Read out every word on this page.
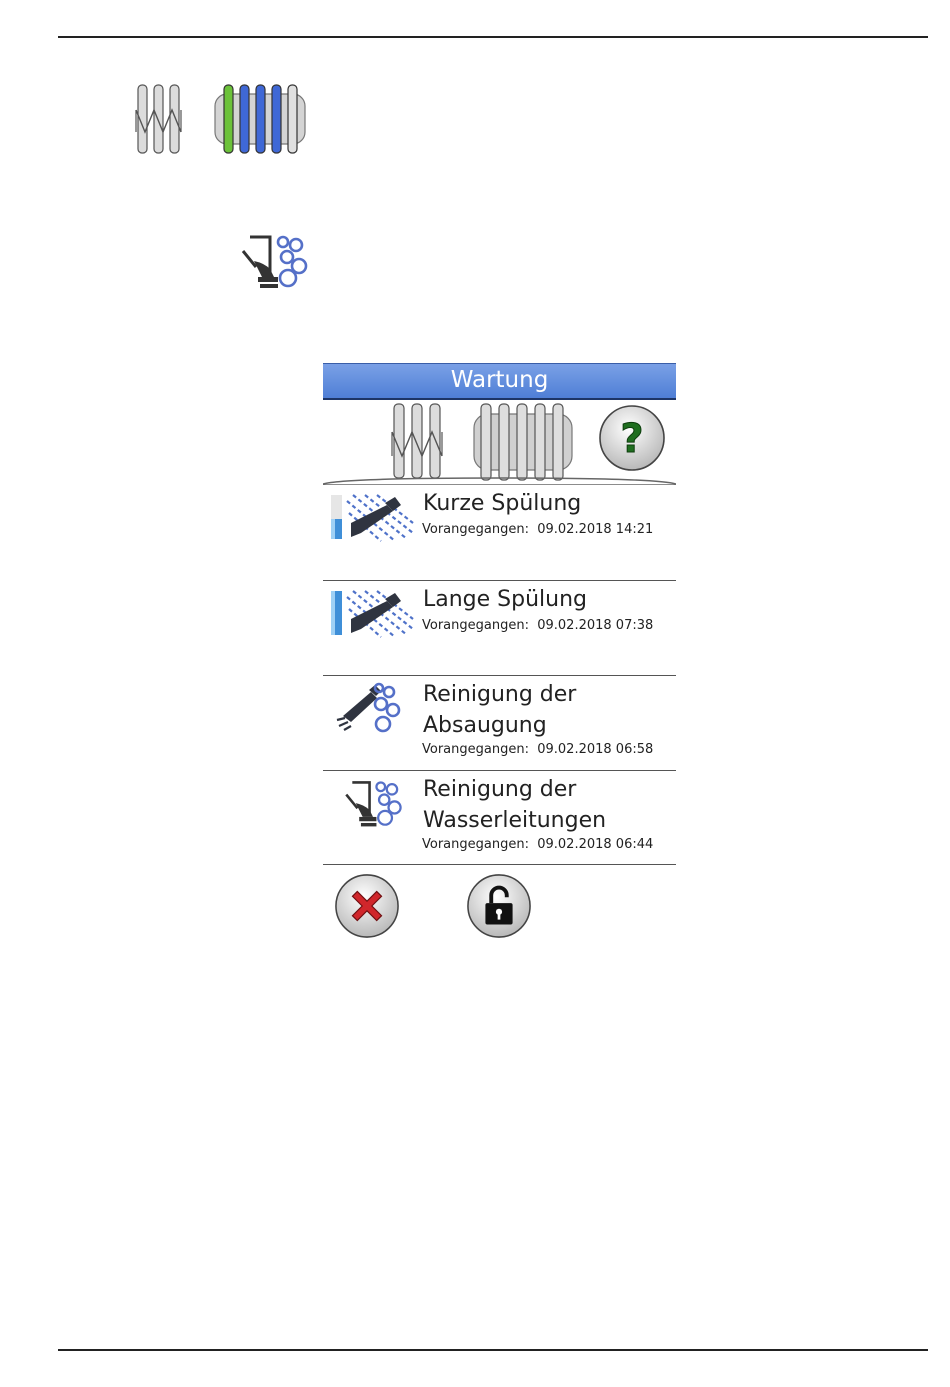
Wartung
?
Kurze Spülung
Vorangegangen:  09.02.2018 14:21
Lange Spülung
Vorangegangen:  09.02.2018 07:38
Reinigung der
Absaugung
Vorangegangen:  09.02.2018 06:58
Reinigung der
Wasserleitungen
Vorangegangen:  09.02.2018 06:44
